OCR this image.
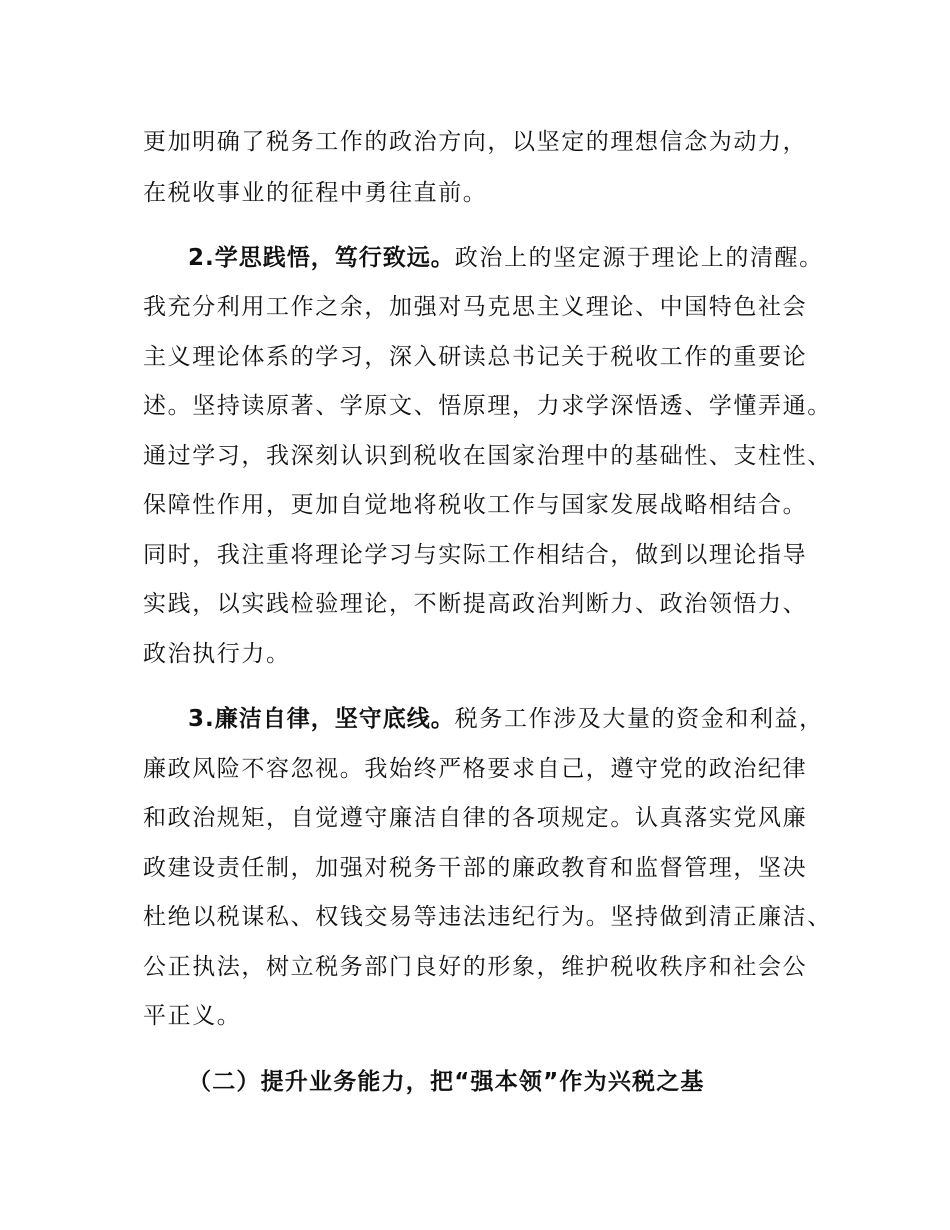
更加明确了税务工作的政治方向，以坚定的理想信念为动力，
在税收事业的征程中勇往直前。
2.学思践悟，笃行致远。政治上的坚定源于理论上的清醒。
我充分利用工作之余，加强对马克思主义理论、中国特色社会
主义理论体系的学习，深入研读总书记关于税收工作的重要论
述。坚持读原著、学原文、悟原理，力求学深悟透、学懂弄通。
通过学习，我深刻认识到税收在国家治理中的基础性、支柱性、
保障性作用，更加自觉地将税收工作与国家发展战略相结合。
同时，我注重将理论学习与实际工作相结合，做到以理论指导
实践，以实践检验理论，不断提高政治判断力、政治领悟力、
政治执行力。
3.廉洁自律，坚守底线。税务工作涉及大量的资金和利益，
廉政风险不容忽视。我始终严格要求自己，遵守党的政治纪律
和政治规矩，自觉遵守廉洁自律的各项规定。认真落实党风廉
政建设责任制，加强对税务干部的廉政教育和监督管理，坚决
杜绝以税谋私、权钱交易等违法违纪行为。坚持做到清正廉洁、
公正执法，树立税务部门良好的形象，维护税收秩序和社会公
平正义。
（二）提升业务能力，把“强本领”作为兴税之基
